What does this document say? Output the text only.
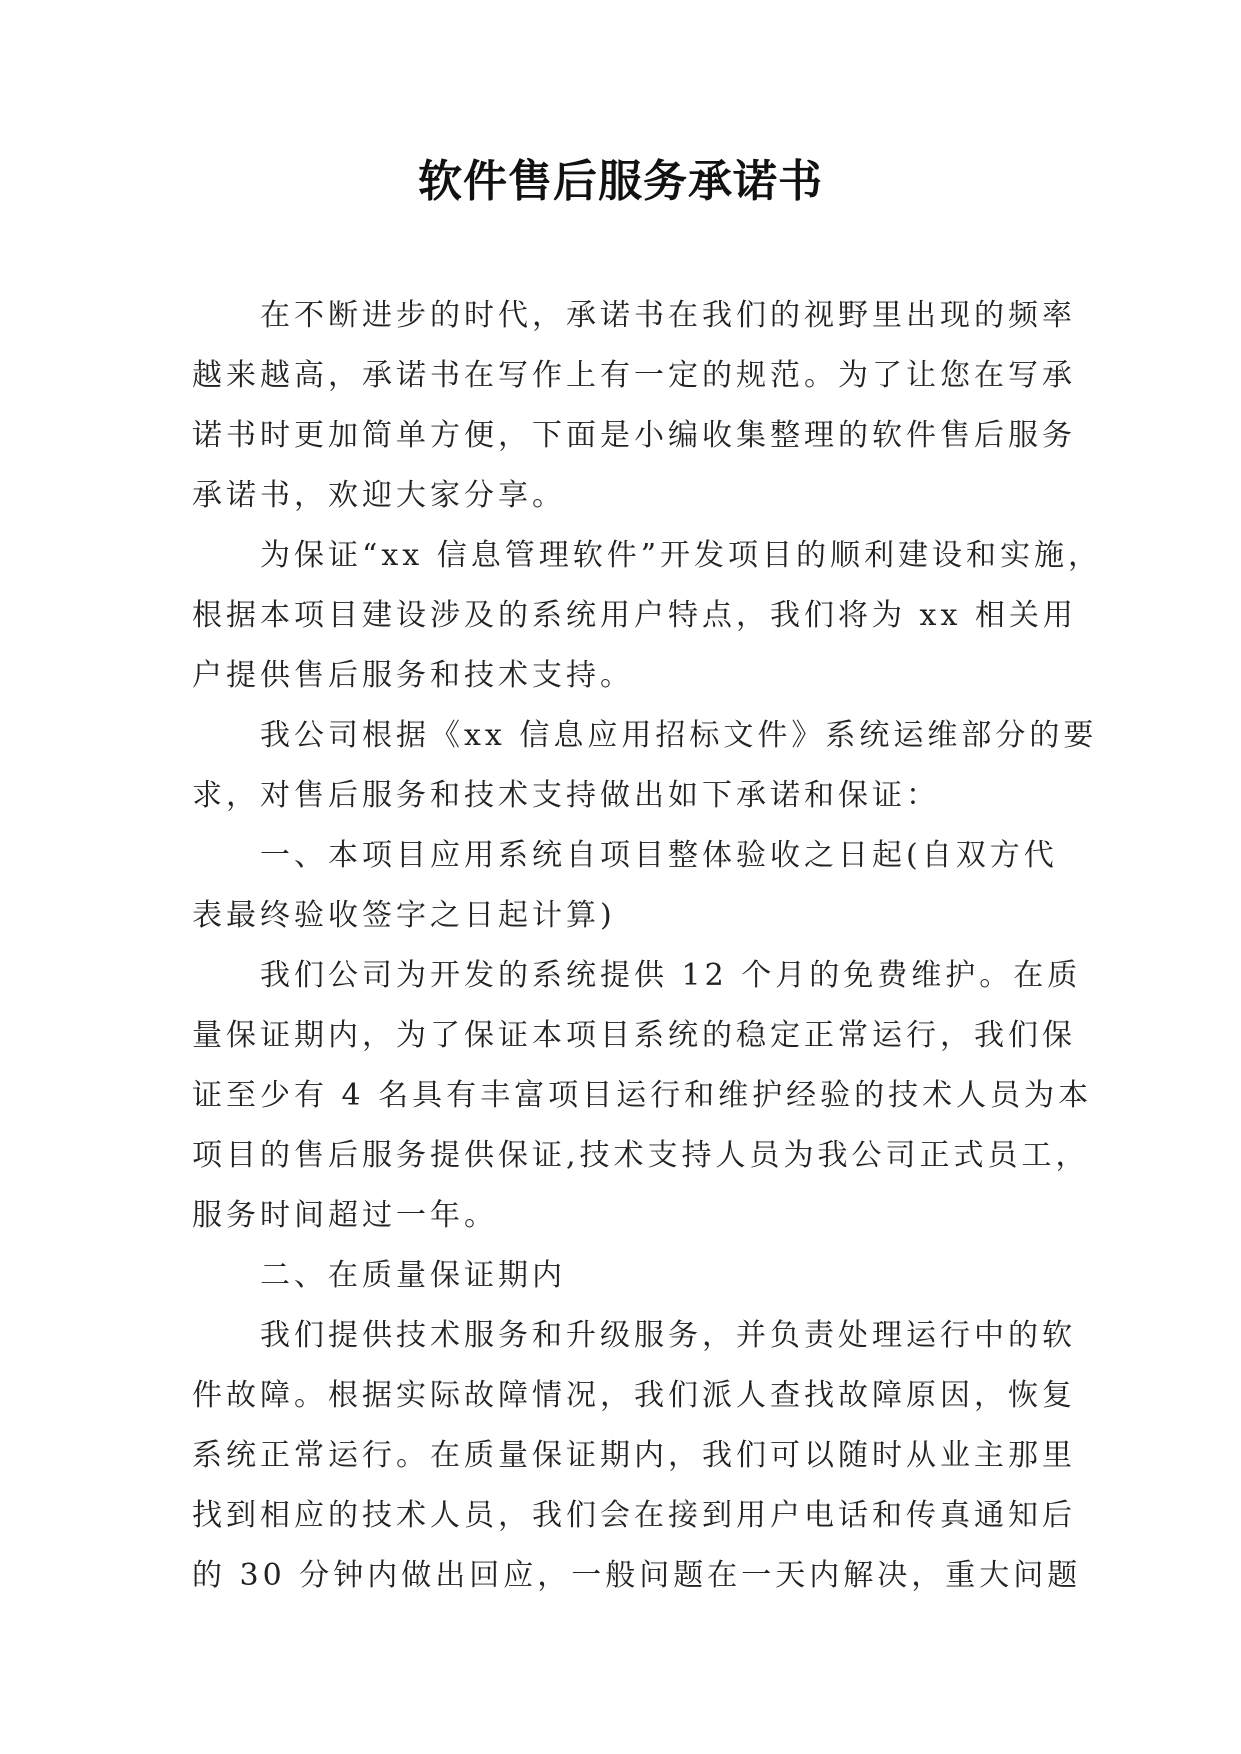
软件售后服务承诺书
在不断进步的时代，承诺书在我们的视野里出现的频率
越来越高，承诺书在写作上有一定的规范。为了让您在写承
诺书时更加简单方便，下面是小编收集整理的软件售后服务
承诺书，欢迎大家分享。
为保证“xx 信息管理软件”开发项目的顺利建设和实施，
根据本项目建设涉及的系统用户特点，我们将为 xx 相关用
户提供售后服务和技术支持。
我公司根据《xx 信息应用招标文件》系统运维部分的要
求，对售后服务和技术支持做出如下承诺和保证：
一、本项目应用系统自项目整体验收之日起(自双方代
表最终验收签字之日起计算)
我们公司为开发的系统提供 12 个月的免费维护。在质
量保证期内，为了保证本项目系统的稳定正常运行，我们保
证至少有 4 名具有丰富项目运行和维护经验的技术人员为本
项目的售后服务提供保证,技术支持人员为我公司正式员工，
服务时间超过一年。
二、在质量保证期内
我们提供技术服务和升级服务，并负责处理运行中的软
件故障。根据实际故障情况，我们派人查找故障原因，恢复
系统正常运行。在质量保证期内，我们可以随时从业主那里
找到相应的技术人员，我们会在接到用户电话和传真通知后
的 30 分钟内做出回应，一般问题在一天内解决，重大问题
